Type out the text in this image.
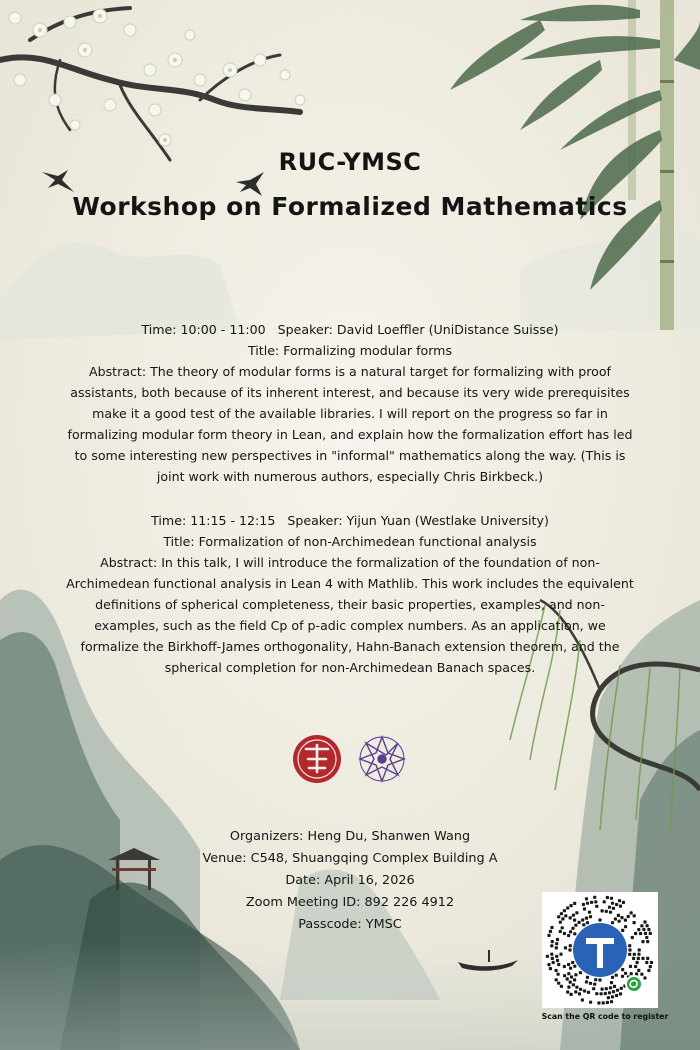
RUC-YMSC
Workshop on Formalized Mathematics

Time: 10:00 - 11:00   Speaker: David Loeffler (UniDistance Suisse)

Title: Formalizing modular forms

Abstract: The theory of modular forms is a natural target for formalizing with proof assistants, both because of its inherent interest, and because its very wide prerequisites make it a good test of the available libraries. I will report on the progress so far in formalizing modular form theory in Lean, and explain how the formalization effort has led to some interesting new perspectives in "informal" mathematics along the way. (This is joint work with numerous authors, especially Chris Birkbeck.)

Time: 11:15 - 12:15   Speaker: Yijun Yuan (Westlake University)

Title: Formalization of non-Archimedean functional analysis

Abstract: In this talk, I will introduce the formalization of the foundation of non-Archimedean functional analysis in Lean 4 with Mathlib. This work includes the equivalent definitions of spherical completeness, their basic properties, examples, and non-examples, such as the field Cp of p-adic complex numbers. As an application, we formalize the Birkhoff-James orthogonality, Hahn-Banach extension theorem, and the spherical completion for non-Archimedean Banach spaces.

Organizers: Heng Du, Shanwen Wang

Venue: C548, Shuangqing Complex Building A

Date: April 16, 2026

Zoom Meeting ID: 892 226 4912

Passcode: YMSC

Scan the QR code to register
